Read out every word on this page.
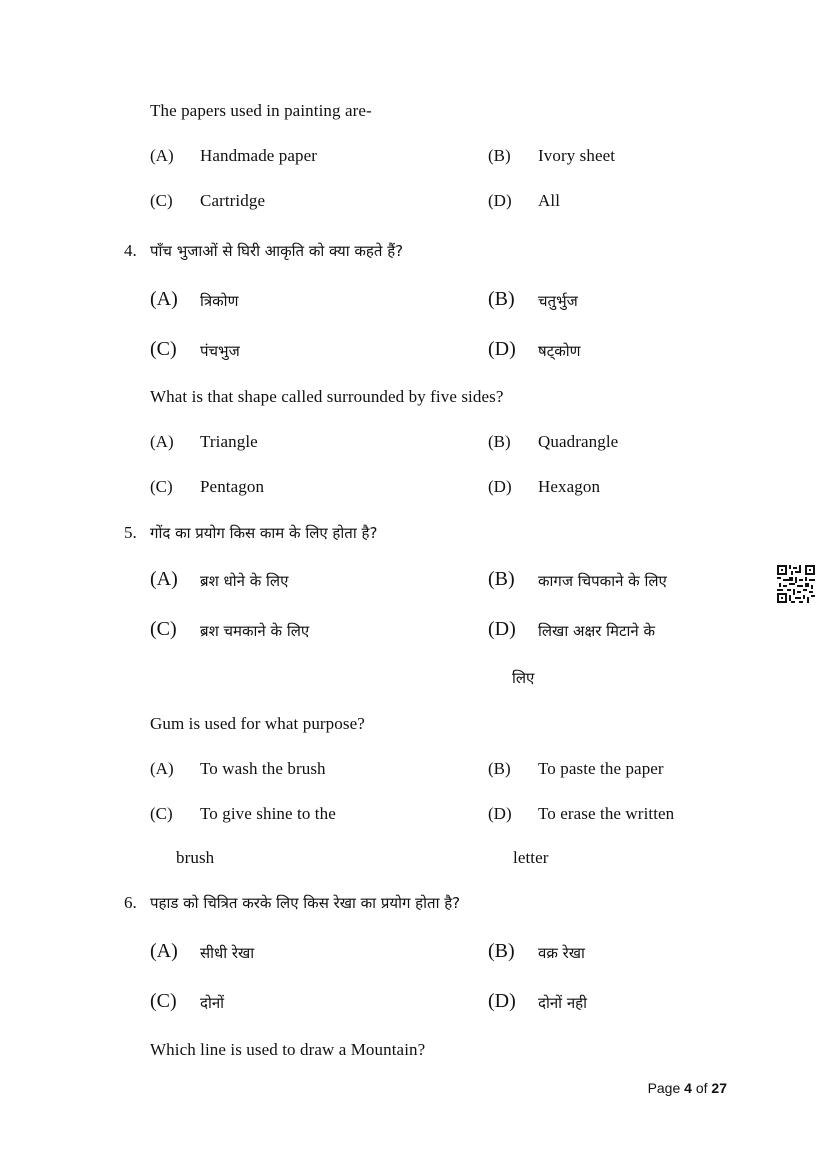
The papers used in painting are-
(A) Handmade paper	(B) Ivory sheet
(C) Cartridge	(D) All
4. पाँच भुजाओं से घिरी आकृति को क्या कहते हैं?
(A) त्रिकोण	(B) चतुर्भुज
(C) पंचभुज	(D) षट्कोण
What is that shape called surrounded by five sides?
(A) Triangle	(B) Quadrangle
(C) Pentagon	(D) Hexagon
5. गोंद का प्रयोग किस काम के लिए होता है?
(A) ब्रश धोने के लिए	(B) कागज चिपकाने के लिए
(C) ब्रश चमकाने के लिए	(D) लिखा अक्षर मिटाने के
लिए
Gum is used for what purpose?
(A) To wash the brush	(B) To paste the paper
(C) To give shine to the	(D) To erase the written
brush	letter
6. पहाड को चित्रित करके लिए किस रेखा का प्रयोग होता है?
(A) सीधी रेखा	(B) वक्र रेखा
(C) दोनों	(D) दोनों नही
Which line is used to draw a Mountain?
Page 4 of 27
